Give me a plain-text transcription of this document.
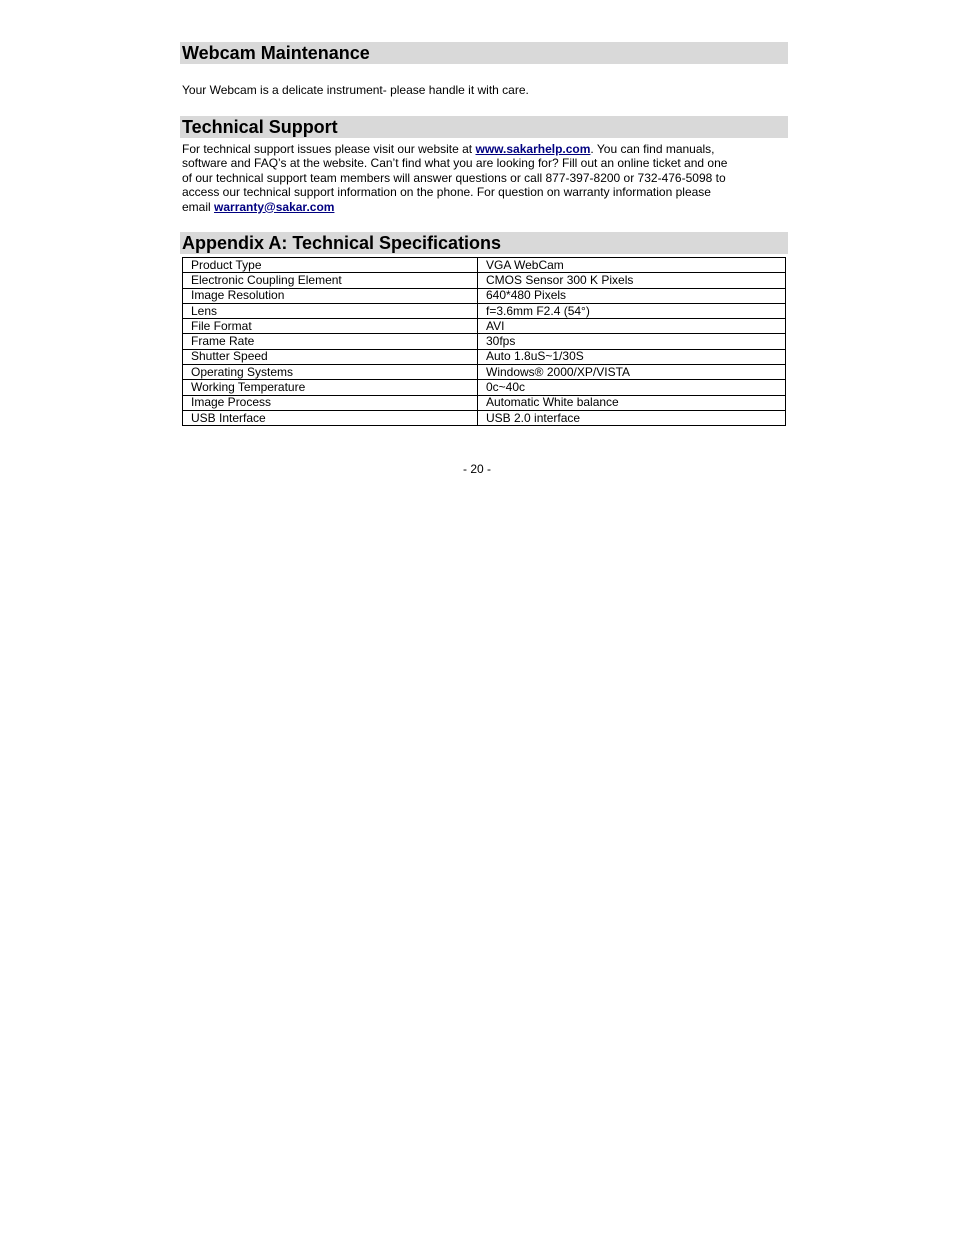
Webcam Maintenance
Your Webcam is a delicate instrument- please handle it with care.
Technical Support
For technical support issues please visit our website at www.sakarhelp.com. You can find manuals, software and FAQ’s at the website. Can’t find what you are looking for? Fill out an online ticket and one of our technical support team members will answer questions or call 877-397-8200 or 732-476-5098 to access our technical support information on the phone. For question on warranty information please email warranty@sakar.com
Appendix A: Technical Specifications
Product Type	VGA WebCam
Electronic Coupling Element	CMOS Sensor 300 K Pixels
Image Resolution	640*480 Pixels
Lens	f=3.6mm F2.4 (54°)
File Format	AVI
Frame Rate	30fps
Shutter Speed	Auto 1.8uS~1/30S
Operating Systems	Windows® 2000/XP/VISTA
Working Temperature	0c~40c
Image Process	Automatic White balance
USB Interface	USB 2.0 interface
- 20 -
